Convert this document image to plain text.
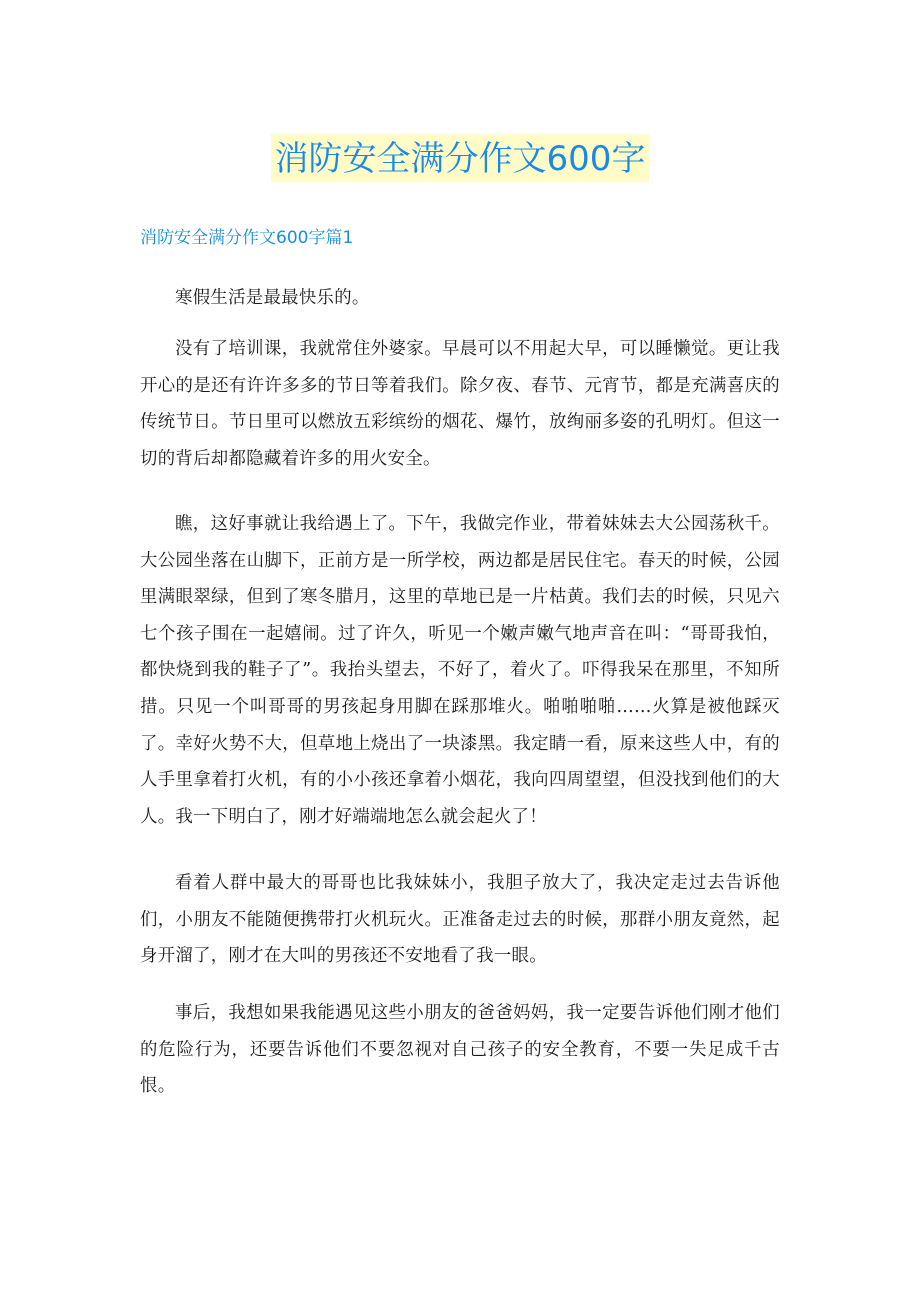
消防安全满分作文600字
消防安全满分作文600字篇1

寒假生活是最最快乐的。

没有了培训课，我就常住外婆家。早晨可以不用起大早，可以睡懒觉。更让我开心的是还有许许多多的节日等着我们。除夕夜、春节、元宵节，都是充满喜庆的传统节日。节日里可以燃放五彩缤纷的烟花、爆竹，放绚丽多姿的孔明灯。但这一切的背后却都隐藏着许多的用火安全。

瞧，这好事就让我给遇上了。下午，我做完作业，带着妹妹去大公园荡秋千。大公园坐落在山脚下，正前方是一所学校，两边都是居民住宅。春天的时候，公园里满眼翠绿，但到了寒冬腊月，这里的草地已是一片枯黄。我们去的时候，只见六七个孩子围在一起嬉闹。过了许久，听见一个嫩声嫩气地声音在叫：“哥哥我怕，都快烧到我的鞋子了”。我抬头望去，不好了，着火了。吓得我呆在那里，不知所措。只见一个叫哥哥的男孩起身用脚在踩那堆火。啪啪啪啪……火算是被他踩灭了。幸好火势不大，但草地上烧出了一块漆黑。我定睛一看，原来这些人中，有的人手里拿着打火机，有的小小孩还拿着小烟花，我向四周望望，但没找到他们的大人。我一下明白了，刚才好端端地怎么就会起火了！

看着人群中最大的哥哥也比我妹妹小，我胆子放大了，我决定走过去告诉他们，小朋友不能随便携带打火机玩火。正准备走过去的时候，那群小朋友竟然，起身开溜了，刚才在大叫的男孩还不安地看了我一眼。

事后，我想如果我能遇见这些小朋友的爸爸妈妈，我一定要告诉他们刚才他们的危险行为，还要告诉他们不要忽视对自己孩子的安全教育，不要一失足成千古恨。
